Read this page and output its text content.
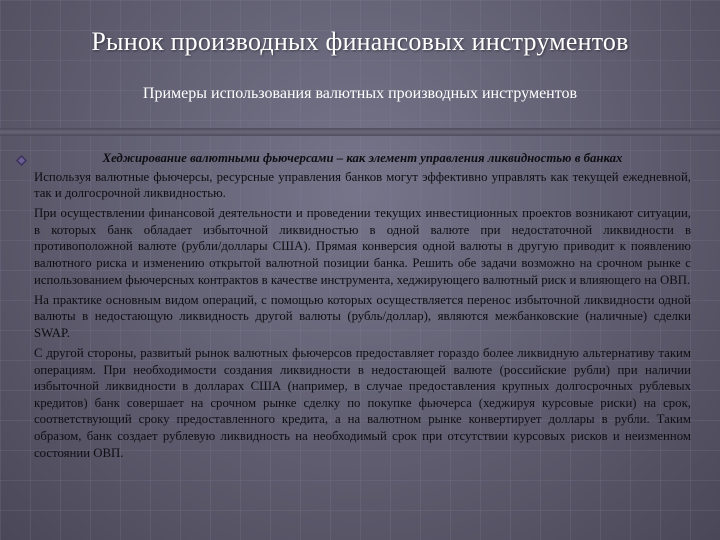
Рынок производных финансовых инструментов
Примеры использования валютных производных инструментов

Хеджирование валютными фьючерсами – как элемент управления ликвидностью в банках

Используя валютные фьючерсы, ресурсные управления банков могут эффективно управлять как текущей ежедневной, так и долгосрочной ликвидностью.

При осуществлении финансовой деятельности и проведении текущих инвестиционных проектов возникают ситуации, в которых банк обладает избыточной ликвидностью в одной валюте при недостаточной ликвидности в противоположной валюте (рубли/доллары США). Прямая конверсия одной валюты в другую приводит к появлению валютного риска и изменению открытой валютной позиции банка. Решить обе задачи возможно на срочном рынке с использованием фьючерсных контрактов в качестве инструмента, хеджирующего валютный риск и влияющего на ОВП.

На практике основным видом операций, с помощью которых осуществляется перенос избыточной ликвидности одной валюты в недостающую ликвидность другой валюты (рубль/доллар), являются межбанковские (наличные) сделки SWAP.

С другой стороны, развитый рынок валютных фьючерсов предоставляет гораздо более ликвидную альтернативу таким операциям. При необходимости создания ликвидности в недостающей валюте (российские рубли) при наличии избыточной ликвидности в долларах США (например, в случае предоставления крупных долгосрочных рублевых кредитов) банк совершает на срочном рынке сделку по покупке фьючерса (хеджируя курсовые риски) на срок, соответствующий сроку предоставленного кредита, а на валютном рынке конвертирует доллары в рубли. Таким образом, банк создает рублевую ликвидность на необходимый срок при отсутствии курсовых рисков и неизменном состоянии ОВП.
